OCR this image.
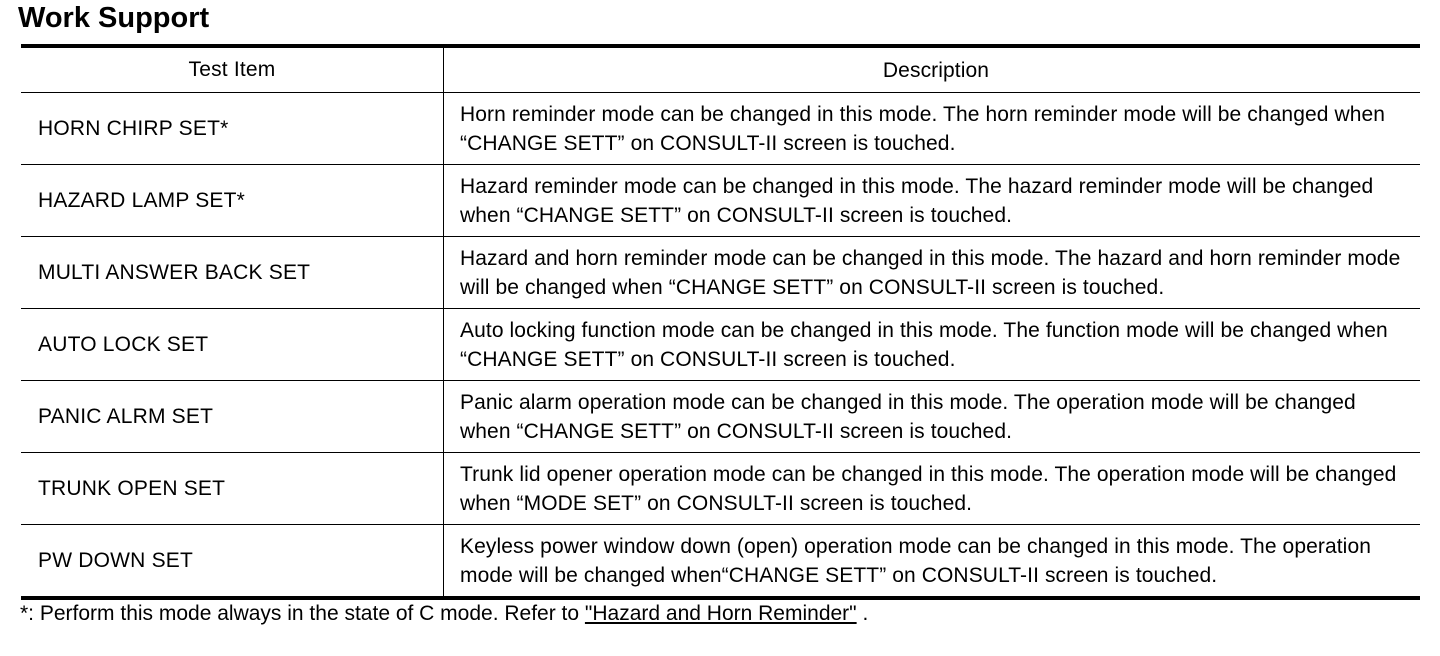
Work Support
Test Item	Description
HORN CHIRP SET*
Horn reminder mode can be changed in this mode. The horn reminder mode will be changed when “CHANGE SETT” on CONSULT-II screen is touched.
HAZARD LAMP SET*
Hazard reminder mode can be changed in this mode. The hazard reminder mode will be changed when “CHANGE SETT” on CONSULT-II screen is touched.
MULTI ANSWER BACK SET
Hazard and horn reminder mode can be changed in this mode. The hazard and horn reminder mode will be changed when “CHANGE SETT” on CONSULT-II screen is touched.
AUTO LOCK SET
Auto locking function mode can be changed in this mode. The function mode will be changed when “CHANGE SETT” on CONSULT-II screen is touched.
PANIC ALRM SET
Panic alarm operation mode can be changed in this mode. The operation mode will be changed when “CHANGE SETT” on CONSULT-II screen is touched.
TRUNK OPEN SET
Trunk lid opener operation mode can be changed in this mode. The operation mode will be changed when “MODE SET” on CONSULT-II screen is touched.
PW DOWN SET
Keyless power window down (open) operation mode can be changed in this mode. The operation mode will be changed when“CHANGE SETT” on CONSULT-II screen is touched.
*: Perform this mode always in the state of C mode. Refer to "Hazard and Horn Reminder" .
